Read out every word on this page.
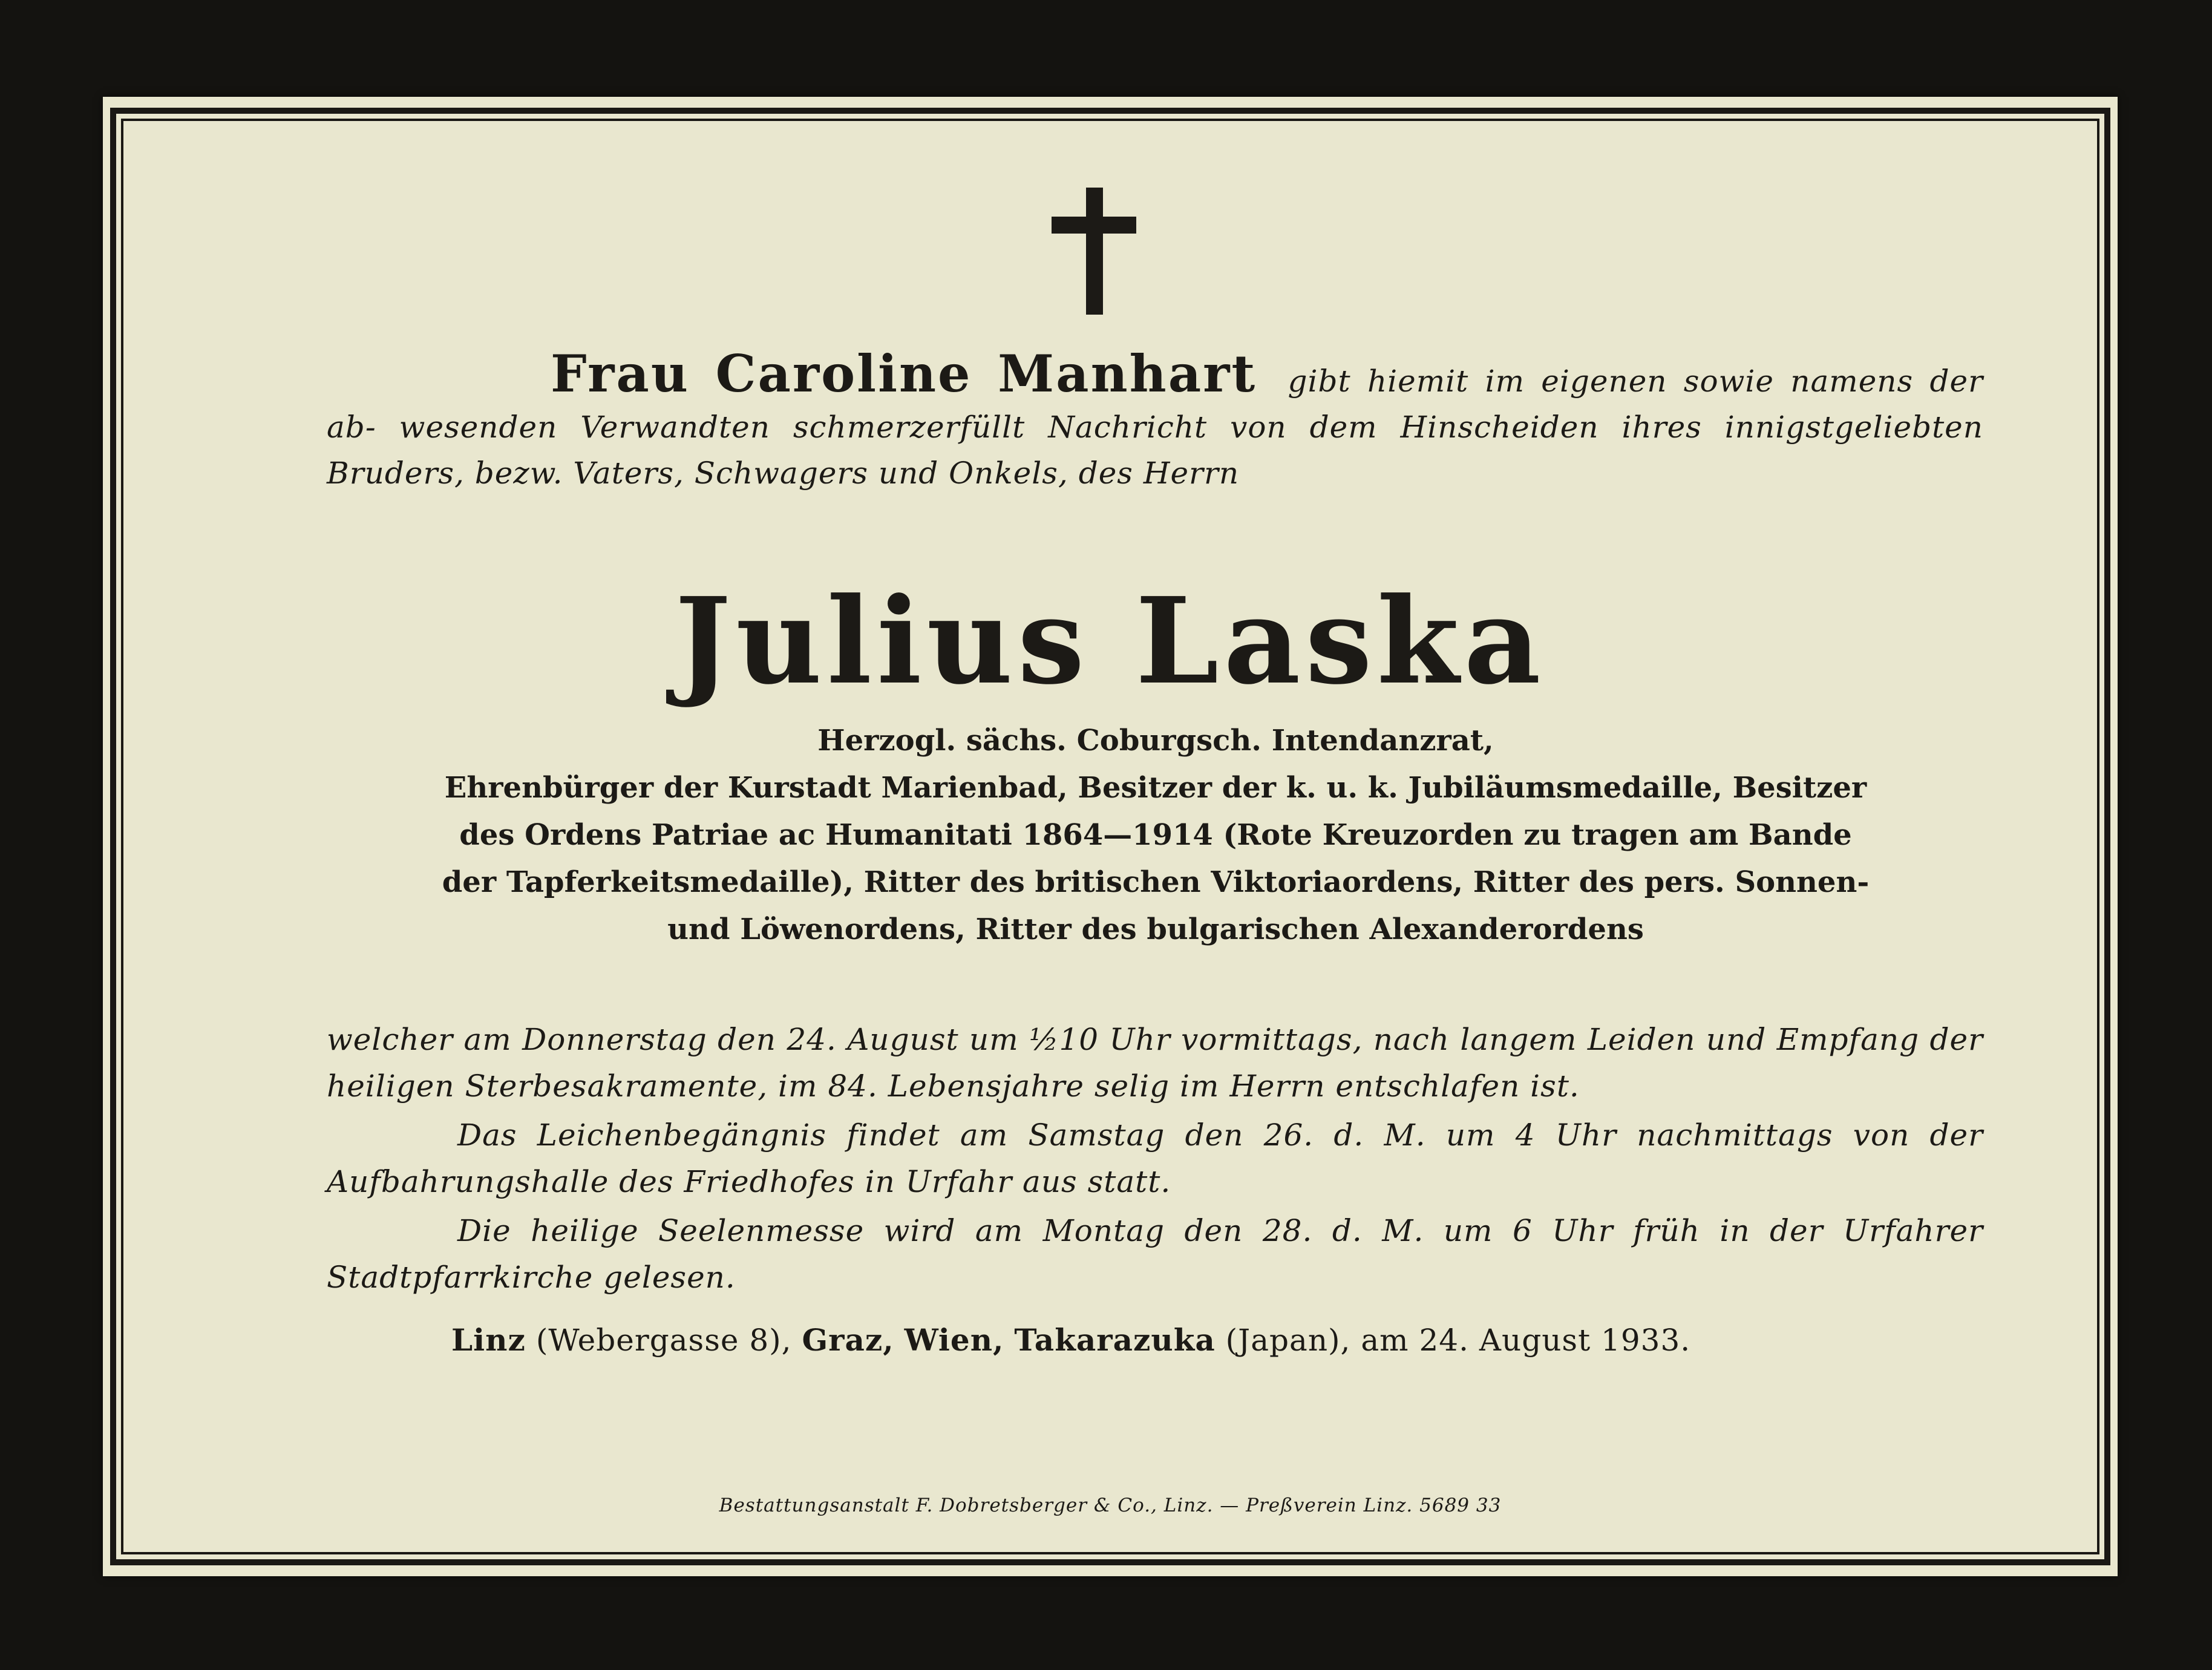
Frau Caroline Manhart gibt hiemit im eigenen sowie namens der ab- wesenden Verwandten schmerzerfüllt Nachricht von dem Hinscheiden ihres innigstgeliebten Bruders, bezw. Vaters, Schwagers und Onkels, des Herrn
Julius Laska
Herzogl. sächs. Coburgsch. Intendanzrat,
Ehrenbürger der Kurstadt Marienbad, Besitzer der k. u. k. Jubiläumsmedaille, Besitzer
des Ordens Patriae ac Humanitati 1864—1914 (Rote Kreuzorden zu tragen am Bande
der Tapferkeitsmedaille), Ritter des britischen Viktoriaordens, Ritter des pers. Sonnen-
und Löwenordens, Ritter des bulgarischen Alexanderordens

welcher am Donnerstag den 24. August um ½10 Uhr vormittags, nach langem Leiden und Empfang der heiligen Sterbesakramente, im 84. Lebensjahre selig im Herrn entschlafen ist.

Das Leichenbegängnis findet am Samstag den 26. d. M. um 4 Uhr nachmittags von der Aufbahrungshalle des Friedhofes in Urfahr aus statt.

Die heilige Seelenmesse wird am Montag den 28. d. M. um 6 Uhr früh in der Urfahrer Stadtpfarrkirche gelesen.

Linz (Webergasse 8), Graz, Wien, Takarazuka (Japan), am 24. August 1933.
Bestattungsanstalt F. Dobretsberger & Co., Linz. — Preßverein Linz. 5689 33
